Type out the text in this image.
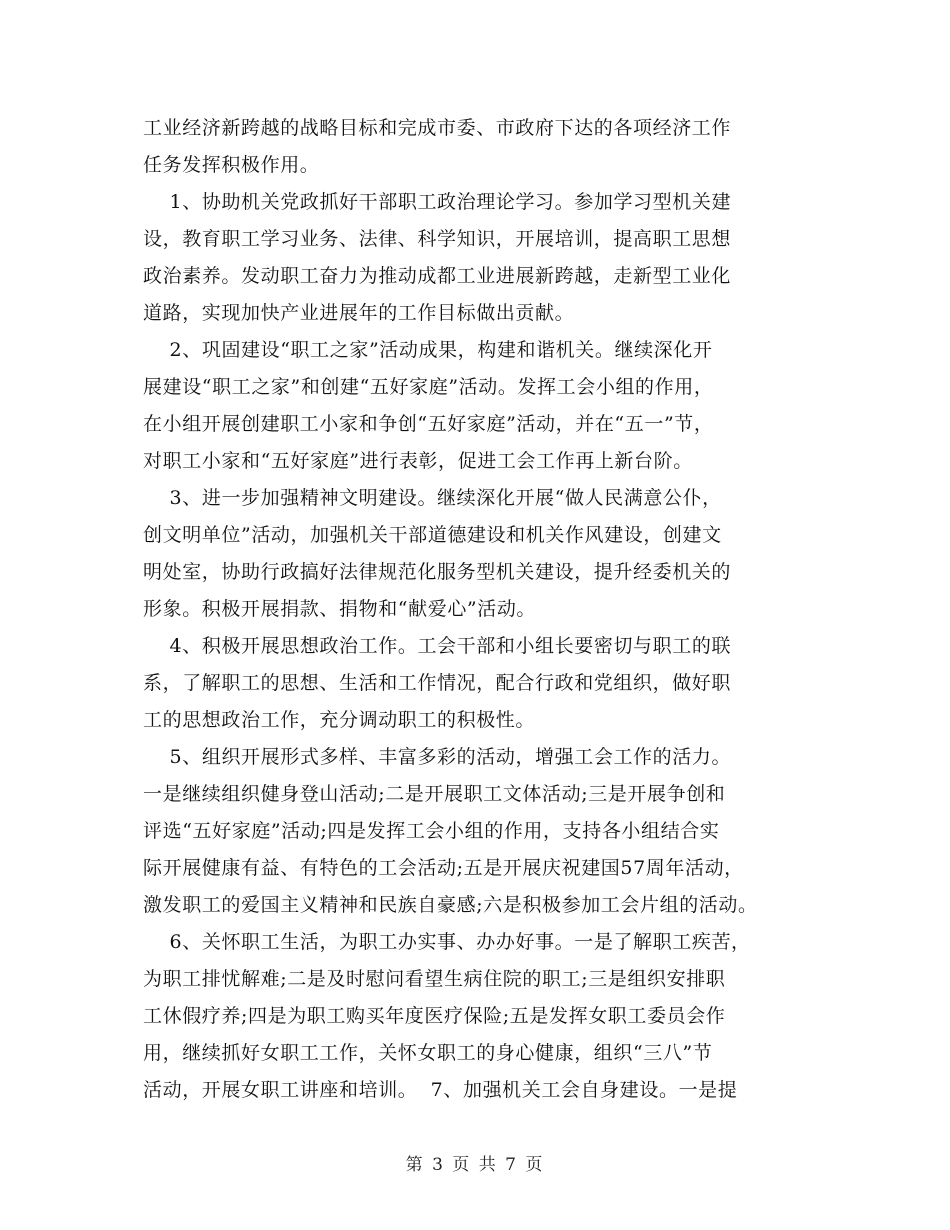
工业经济新跨越的战略目标和完成市委、市政府下达的各项经济工作
任务发挥积极作用。
1、协助机关党政抓好干部职工政治理论学习。参加学习型机关建
设，教育职工学习业务、法律、科学知识，开展培训，提高职工思想
政治素养。发动职工奋力为推动成都工业进展新跨越，走新型工业化
道路，实现加快产业进展年的工作目标做出贡献。
2、巩固建设“职工之家”活动成果，构建和谐机关。继续深化开
展建设“职工之家”和创建“五好家庭”活动。发挥工会小组的作用，
在小组开展创建职工小家和争创“五好家庭”活动，并在“五一”节，
对职工小家和“五好家庭”进行表彰，促进工会工作再上新台阶。
3、进一步加强精神文明建设。继续深化开展“做人民满意公仆，
创文明单位”活动，加强机关干部道德建设和机关作风建设，创建文
明处室，协助行政搞好法律规范化服务型机关建设，提升经委机关的
形象。积极开展捐款、捐物和“献爱心”活动。
4、积极开展思想政治工作。工会干部和小组长要密切与职工的联
系，了解职工的思想、生活和工作情况，配合行政和党组织，做好职
工的思想政治工作，充分调动职工的积极性。
5、组织开展形式多样、丰富多彩的活动，增强工会工作的活力。
一是继续组织健身登山活动;二是开展职工文体活动;三是开展争创和
评选“五好家庭”活动;四是发挥工会小组的作用，支持各小组结合实
际开展健康有益、有特色的工会活动;五是开展庆祝建国57周年活动，
激发职工的爱国主义精神和民族自豪感;六是积极参加工会片组的活动。
6、关怀职工生活，为职工办实事、办办好事。一是了解职工疾苦，
为职工排忧解难;二是及时慰问看望生病住院的职工;三是组织安排职
工休假疗养;四是为职工购买年度医疗保险;五是发挥女职工委员会作
用，继续抓好女职工工作，关怀女职工的身心健康，组织“三八”节
活动，开展女职工讲座和培训。  7、加强机关工会自身建设。一是提
第 3 页 共 7 页
